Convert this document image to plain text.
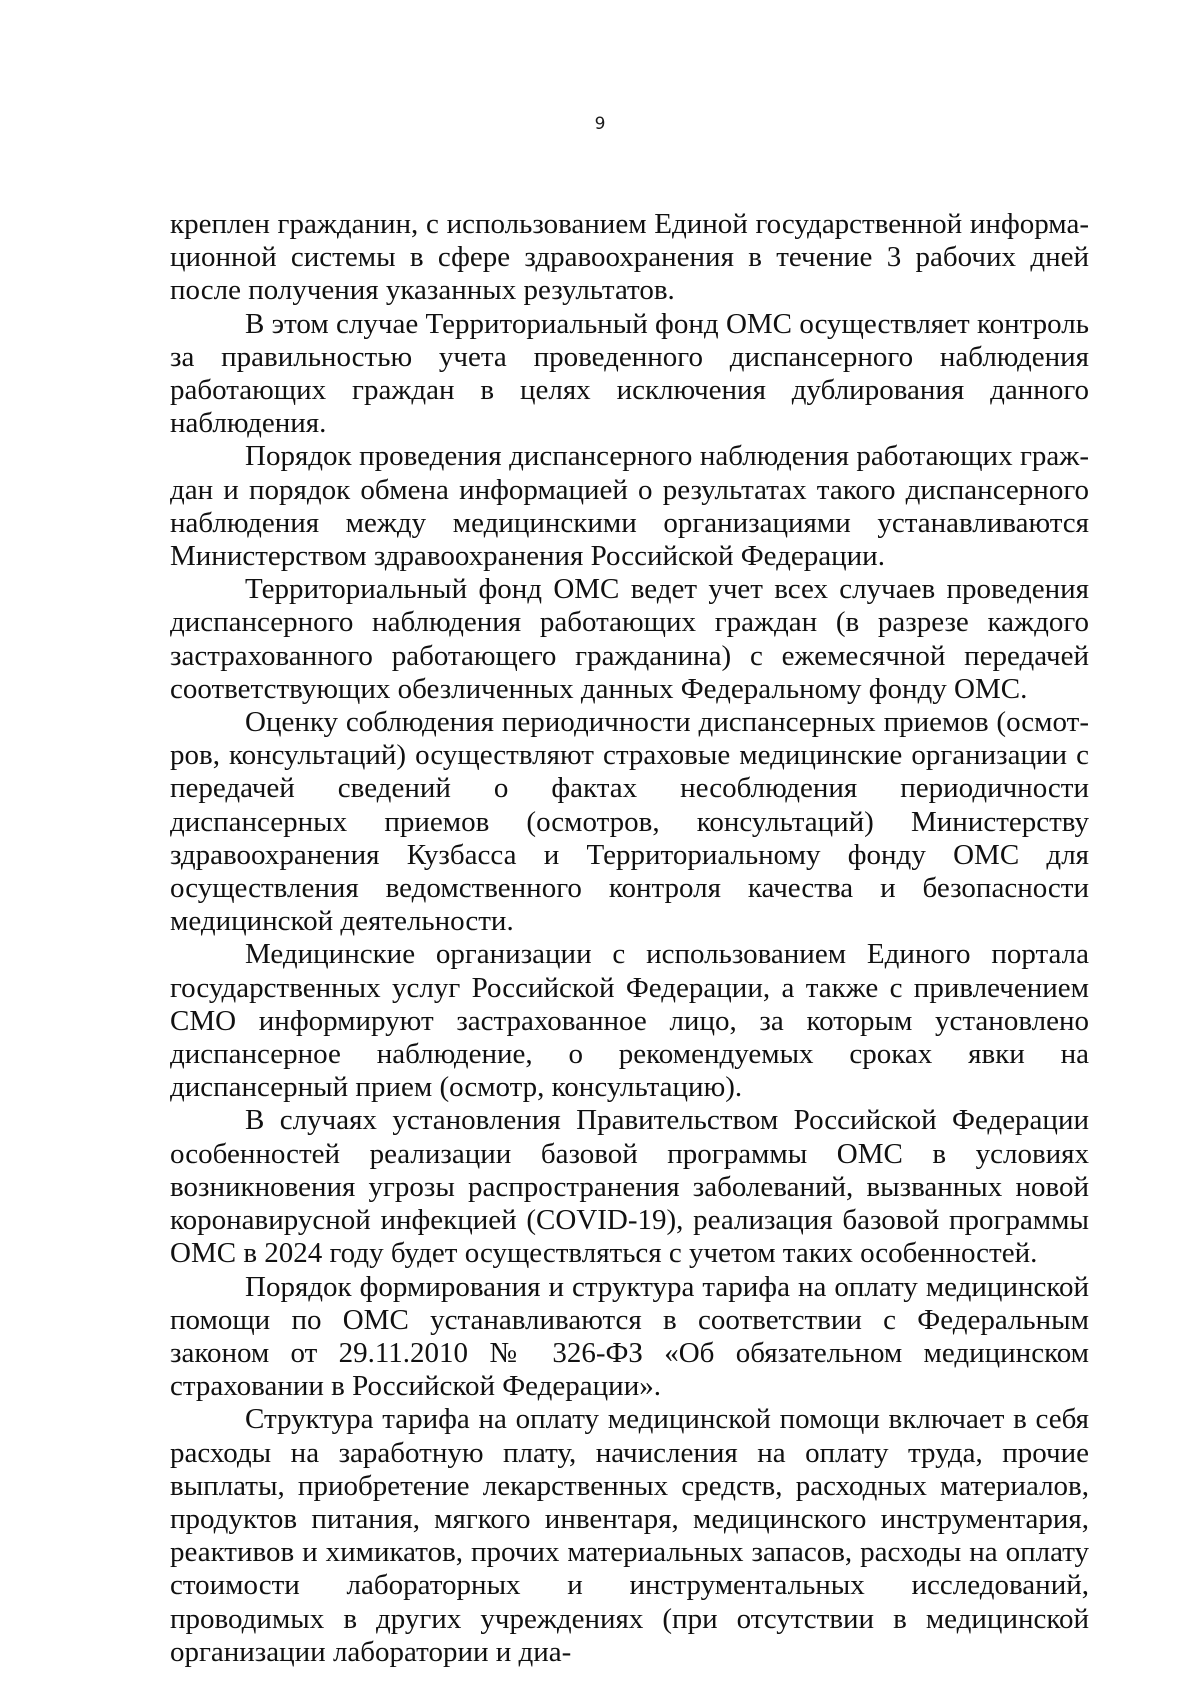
9

креплен гражданин, с использованием Единой государственной информационной системы в сфере здравоохранения в течение 3 рабочих дней после получения указанных результатов.

В этом случае Территориальный фонд ОМС осуществляет контроль за правильностью учета проведенного диспансерного наблюдения работающих граждан в целях исключения дублирования данного наблюдения.

Порядок проведения диспансерного наблюдения работающих граждан и порядок обмена информацией о результатах такого диспансерного наблюдения между медицинскими организациями устанавливаются Министерством здравоохранения Российской Федерации.

Территориальный фонд ОМС ведет учет всех случаев проведения диспансерного наблюдения работающих граждан (в разрезе каждого застрахованного работающего гражданина) с ежемесячной передачей соответствующих обезличенных данных Федеральному фонду ОМС.

Оценку соблюдения периодичности диспансерных приемов (осмотров, консультаций) осуществляют страховые медицинские организации с передачей сведений о фактах несоблюдения периодичности диспансерных приемов (осмотров, консультаций) Министерству здравоохранения Кузбасса и Территориальному фонду ОМС для осуществления ведомственного контроля качества и безопасности медицинской деятельности.

Медицинские организации с использованием Единого портала государственных услуг Российской Федерации, а также с привлечением СМО информируют застрахованное лицо, за которым установлено диспансерное наблюдение, о рекомендуемых сроках явки на диспансерный прием (осмотр, консультацию).

В случаях установления Правительством Российской Федерации особенностей реализации базовой программы ОМС в условиях возникновения угрозы распространения заболеваний, вызванных новой коронавирусной инфекцией (COVID-19), реализация базовой программы ОМС в 2024 году будет осуществляться с учетом таких особенностей.

Порядок формирования и структура тарифа на оплату медицинской помощи по ОМС устанавливаются в соответствии с Федеральным законом от 29.11.2010 № 326-ФЗ «Об обязательном медицинском страховании в Российской Федерации».

Структура тарифа на оплату медицинской помощи включает в себя расходы на заработную плату, начисления на оплату труда, прочие выплаты, приобретение лекарственных средств, расходных материалов, продуктов питания, мягкого инвентаря, медицинского инструментария, реактивов и химикатов, прочих материальных запасов, расходы на оплату стоимости лабораторных и инструментальных исследований, проводимых в других учреждениях (при отсутствии в медицинской организации лаборатории и диа-
